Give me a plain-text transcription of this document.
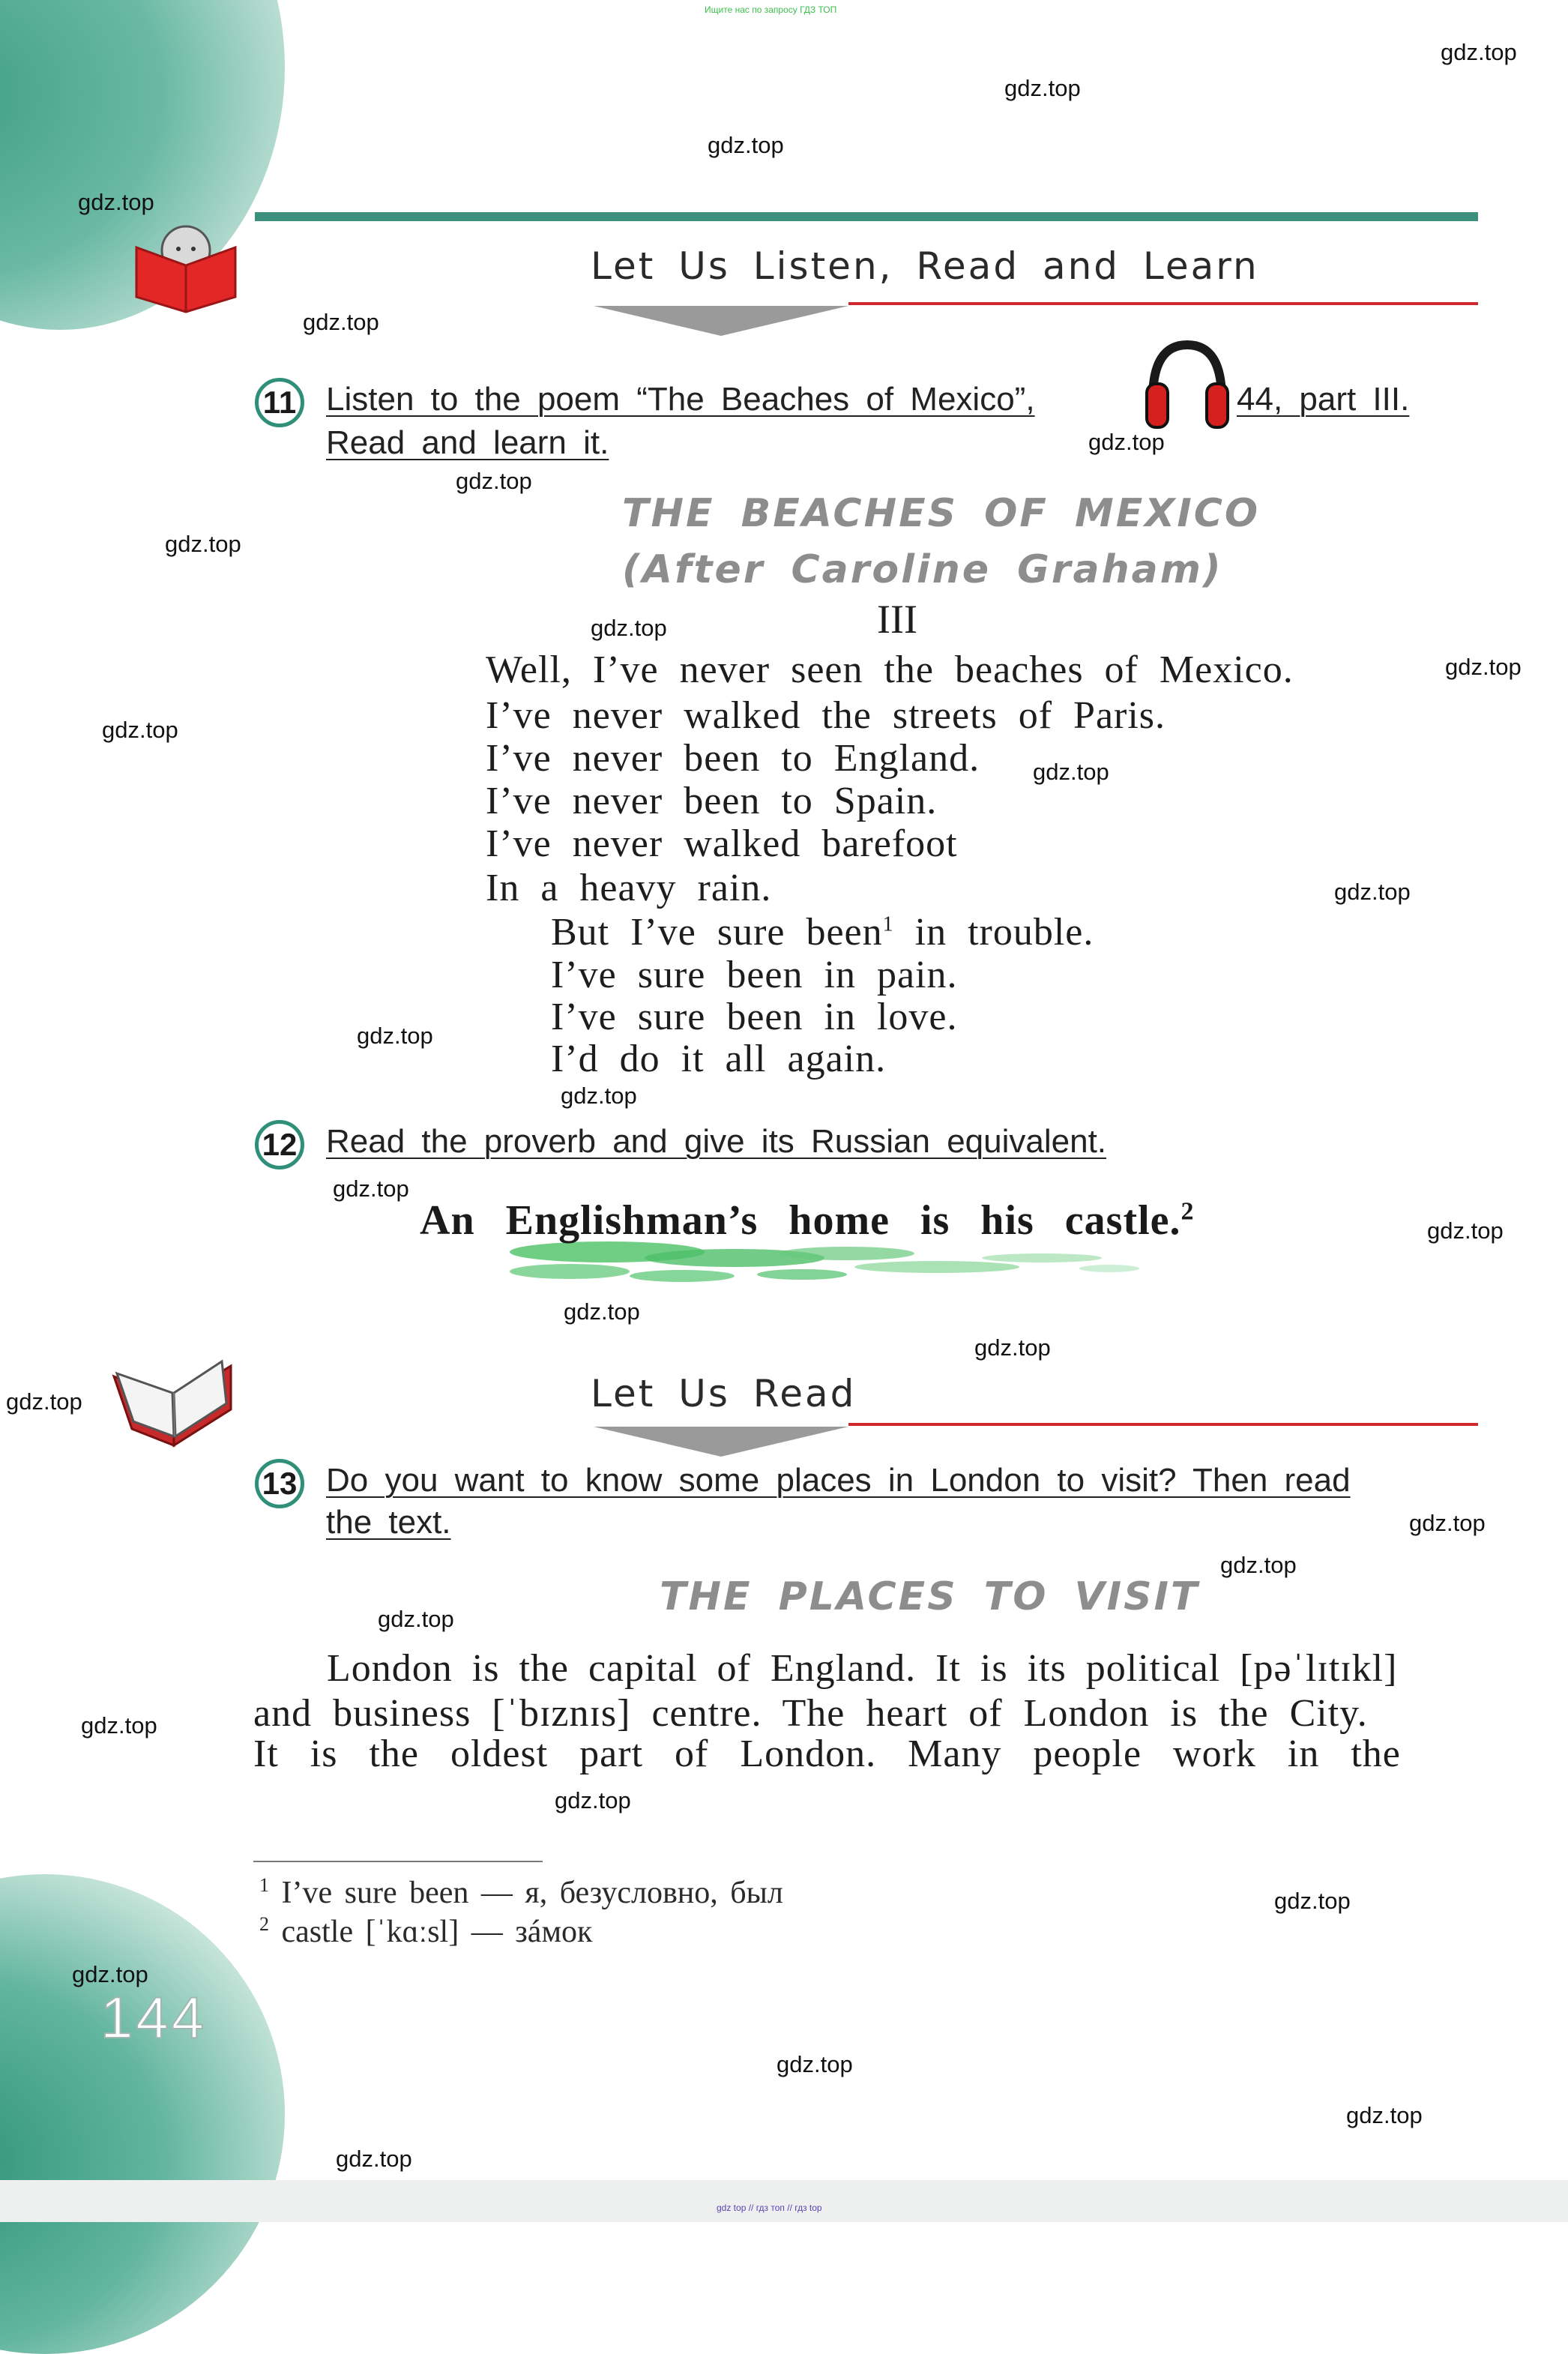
Ищите нас по запросу ГДЗ ТОП
Let Us Listen, Read and Learn
11 Listen to the poem “The Beaches of Mexico”,	44, part III.
Read and learn it.
THE BEACHES OF MEXICO
(After Caroline Graham)
III
Well, I’ve never seen the beaches of Mexico.
I’ve never walked the streets of Paris.
I’ve never been to England.
I’ve never been to Spain.
I’ve never walked barefoot
In a heavy rain.
But I’ve sure been$^1$ in trouble.
I’ve sure been in pain.
I’ve sure been in love.
I’d do it all again.
12 Read the proverb and give its Russian equivalent.
An Englishman’s home is his castle.$^2$
Let Us Read
13 Do you want to know some places in London to visit? Then read
the text.
THE PLACES TO VISIT
London is the capital of England. It is its political [pəˈlɪtɪkl]
and business [ˈbɪznɪs] centre. The heart of London is the City.
It is the oldest part of London. Many people work in the
$^1$ I’ve sure been — я, безусловно, был
$^2$ castle [ˈkɑːsl] — зáмок
144
gdz.top
gdz.top
gdz.top
gdz.top
gdz.top
gdz.top
gdz.top
gdz.top
gdz.top
gdz.top
gdz.top
gdz.top
gdz.top
gdz.top
gdz.top
gdz.top
gdz.top
gdz.top
gdz.top
gdz.top
gdz.top
gdz.top
gdz.top
gdz.top
gdz.top
gdz.top
gdz.top
gdz.top
gdz.top
gdz.top
gdz top // гдз топ // гдз top
